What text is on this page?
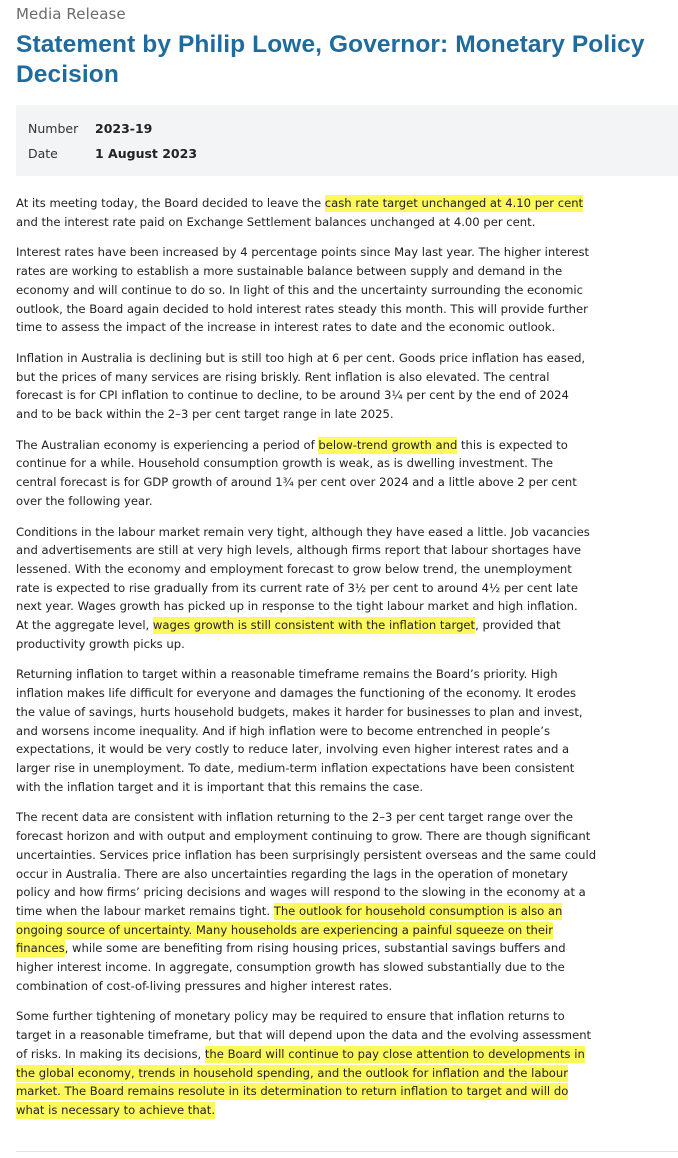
Media Release
Statement by Philip Lowe, Governor: Monetary Policy
Decision
Number 2023-19
Date	1 August 2023

At its meeting today, the Board decided to leave the cash rate target unchanged at 4.10 per cent
and the interest rate paid on Exchange Settlement balances unchanged at 4.00 per cent.

Interest rates have been increased by 4 percentage points since May last year. The higher interest
rates are working to establish a more sustainable balance between supply and demand in the
economy and will continue to do so. In light of this and the uncertainty surrounding the economic
outlook, the Board again decided to hold interest rates steady this month. This will provide further
time to assess the impact of the increase in interest rates to date and the economic outlook.

Inflation in Australia is declining but is still too high at 6 per cent. Goods price inflation has eased,
but the prices of many services are rising briskly. Rent inflation is also elevated. The central
forecast is for CPI inflation to continue to decline, to be around 3¼ per cent by the end of 2024
and to be back within the 2–3 per cent target range in late 2025.

The Australian economy is experiencing a period of below-trend growth and this is expected to
continue for a while. Household consumption growth is weak, as is dwelling investment. The
central forecast is for GDP growth of around 1¾ per cent over 2024 and a little above 2 per cent
over the following year.

Conditions in the labour market remain very tight, although they have eased a little. Job vacancies
and advertisements are still at very high levels, although firms report that labour shortages have
lessened. With the economy and employment forecast to grow below trend, the unemployment
rate is expected to rise gradually from its current rate of 3½ per cent to around 4½ per cent late
next year. Wages growth has picked up in response to the tight labour market and high inflation.
At the aggregate level, wages growth is still consistent with the inflation target, provided that
productivity growth picks up.

Returning inflation to target within a reasonable timeframe remains the Board’s priority. High
inflation makes life difficult for everyone and damages the functioning of the economy. It erodes
the value of savings, hurts household budgets, makes it harder for businesses to plan and invest,
and worsens income inequality. And if high inflation were to become entrenched in people’s
expectations, it would be very costly to reduce later, involving even higher interest rates and a
larger rise in unemployment. To date, medium-term inflation expectations have been consistent
with the inflation target and it is important that this remains the case.

The recent data are consistent with inflation returning to the 2–3 per cent target range over the
forecast horizon and with output and employment continuing to grow. There are though significant
uncertainties. Services price inflation has been surprisingly persistent overseas and the same could
occur in Australia. There are also uncertainties regarding the lags in the operation of monetary
policy and how firms’ pricing decisions and wages will respond to the slowing in the economy at a
time when the labour market remains tight. The outlook for household consumption is also an
ongoing source of uncertainty. Many households are experiencing a painful squeeze on their
finances, while some are benefiting from rising housing prices, substantial savings buffers and
higher interest income. In aggregate, consumption growth has slowed substantially due to the
combination of cost-of-living pressures and higher interest rates.

Some further tightening of monetary policy may be required to ensure that inflation returns to
target in a reasonable timeframe, but that will depend upon the data and the evolving assessment
of risks. In making its decisions, the Board will continue to pay close attention to developments in
the global economy, trends in household spending, and the outlook for inflation and the labour
market. The Board remains resolute in its determination to return inflation to target and will do
what is necessary to achieve that.
